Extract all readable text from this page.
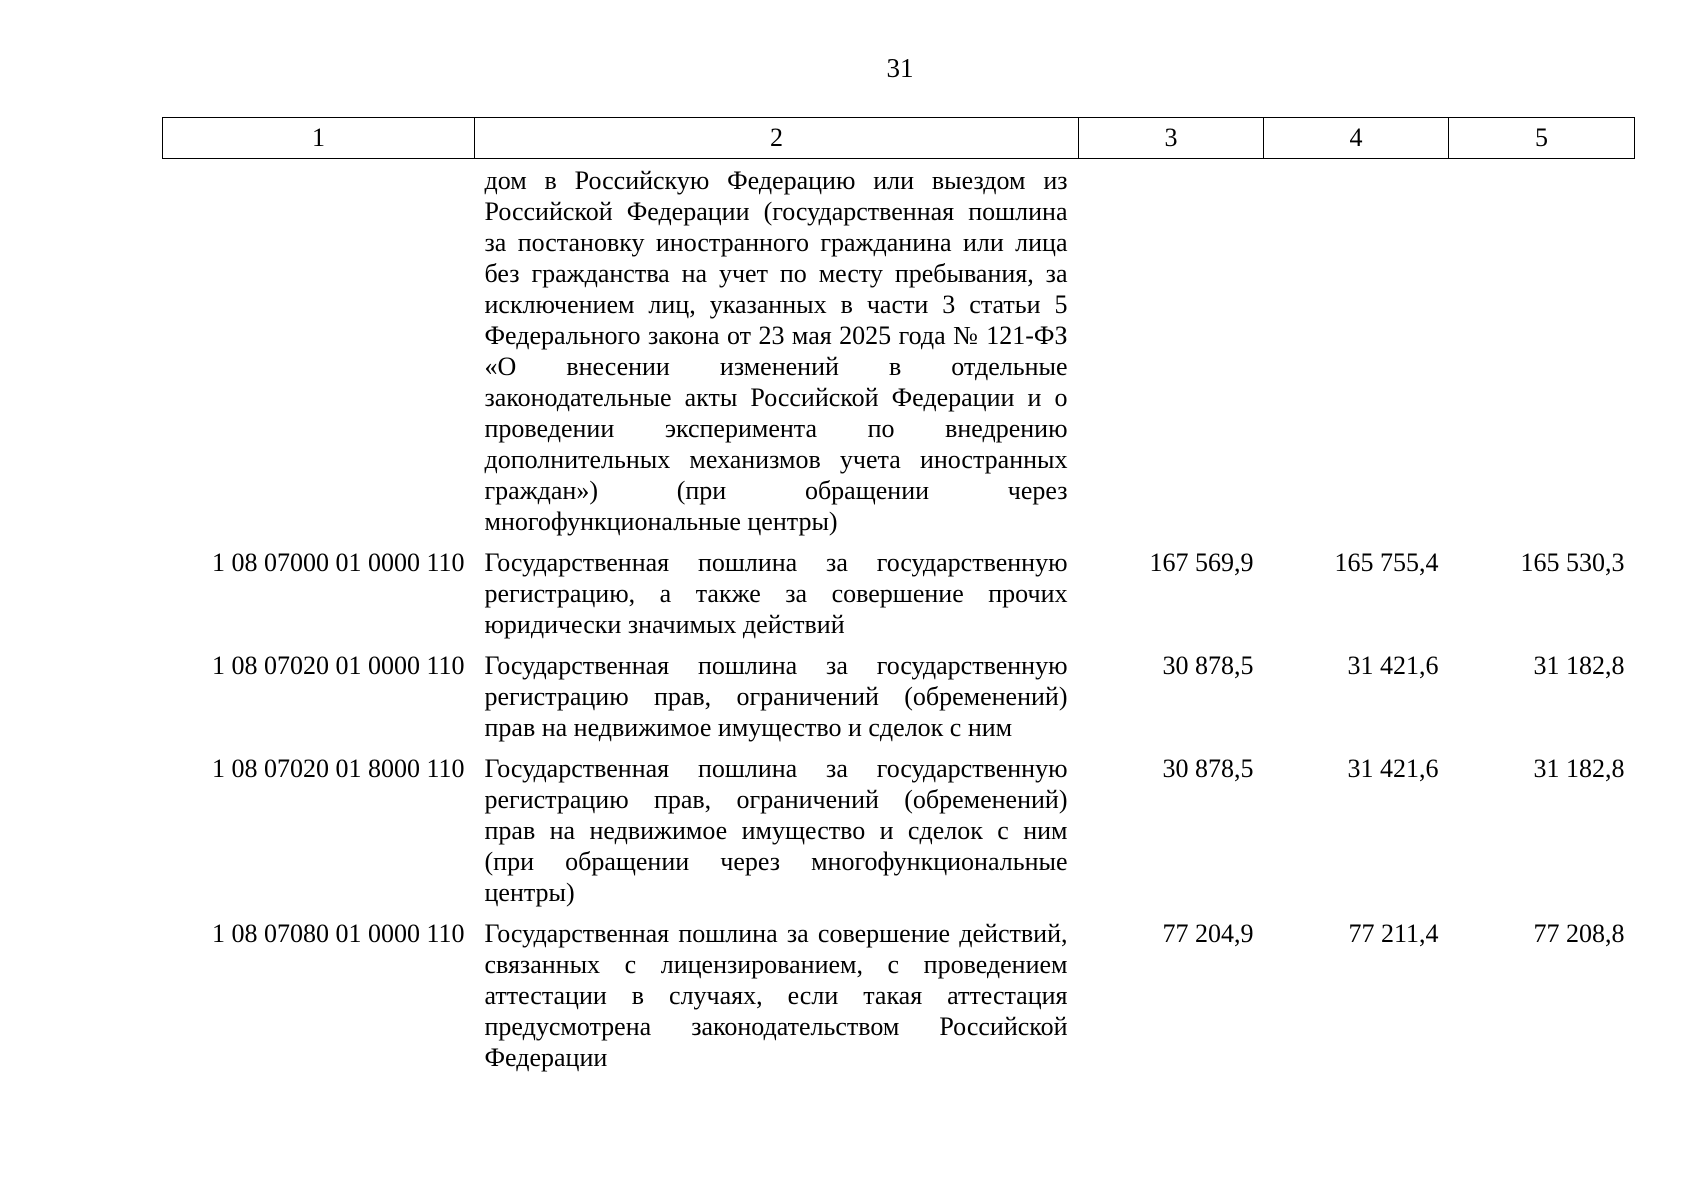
31
1	2	3	4	5
	дом в Российскую Федерацию или выездом из Российской Федерации (государственная пошлина за постановку иностранного гражданина или лица без гражданства на учет по месту пребывания, за исключением лиц, указанных в части 3 статьи 5 Федерального закона от 23 мая 2025 года № 121-ФЗ «О внесении изменений в отдельные законодательные акты Российской Федерации и о проведении эксперимента по внедрению дополнительных механизмов учета иностранных граждан») (при обращении через многофункциональные центры)			
1 08 07000 01 0000 110	Государственная пошлина за государственную регистрацию, а также за совершение прочих юридически значимых действий	167 569,9	165 755,4	165 530,3
1 08 07020 01 0000 110	Государственная пошлина за государственную регистрацию прав, ограничений (обременений) прав на недвижимое имущество и сделок с ним	30 878,5	31 421,6	31 182,8
1 08 07020 01 8000 110	Государственная пошлина за государственную регистрацию прав, ограничений (обременений) прав на недвижимое имущество и сделок с ним (при обращении через многофункциональные центры)	30 878,5	31 421,6	31 182,8
1 08 07080 01 0000 110	Государственная пошлина за совершение действий, связанных с лицензированием, с проведением аттестации в случаях, если такая аттестация предусмотрена законодательством Российской Федерации	77 204,9	77 211,4	77 208,8
